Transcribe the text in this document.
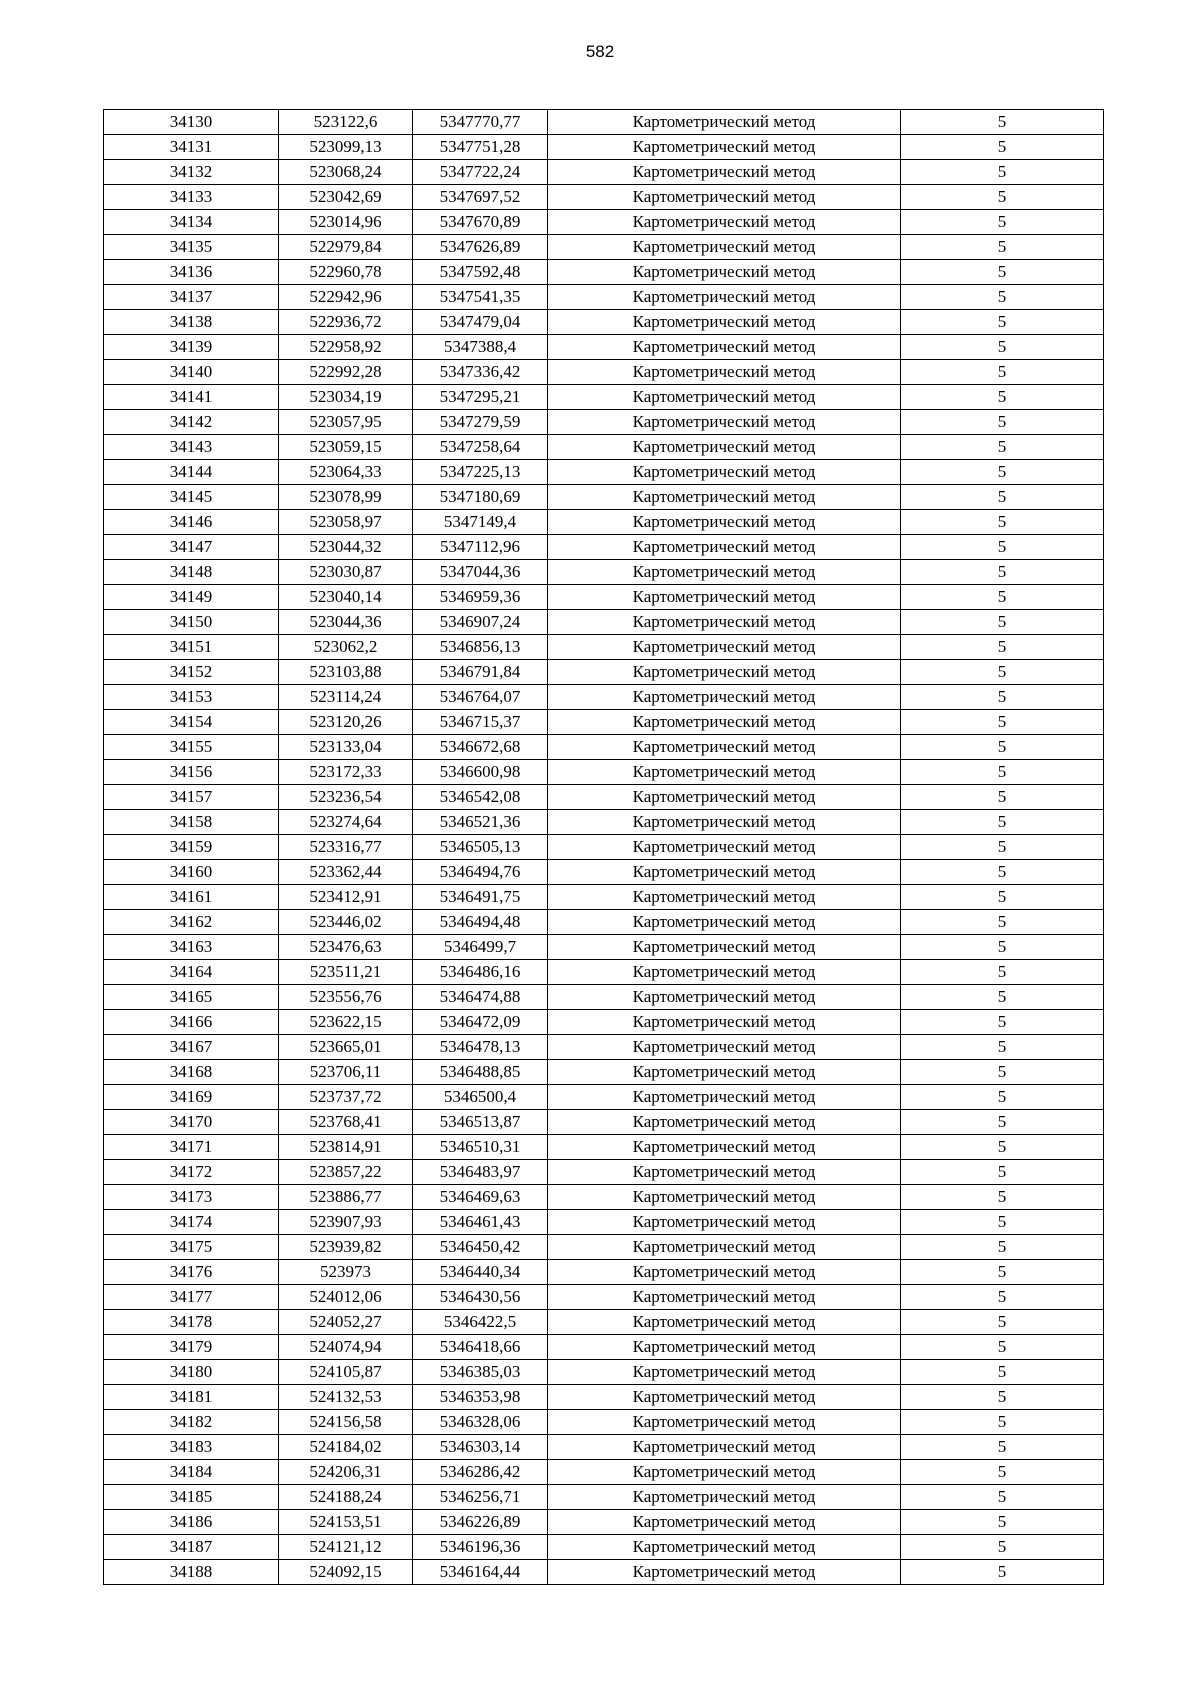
582
34130	523122,6	5347770,77	Картометрический метод	5
34131	523099,13	5347751,28	Картометрический метод	5
34132	523068,24	5347722,24	Картометрический метод	5
34133	523042,69	5347697,52	Картометрический метод	5
34134	523014,96	5347670,89	Картометрический метод	5
34135	522979,84	5347626,89	Картометрический метод	5
34136	522960,78	5347592,48	Картометрический метод	5
34137	522942,96	5347541,35	Картометрический метод	5
34138	522936,72	5347479,04	Картометрический метод	5
34139	522958,92	5347388,4	Картометрический метод	5
34140	522992,28	5347336,42	Картометрический метод	5
34141	523034,19	5347295,21	Картометрический метод	5
34142	523057,95	5347279,59	Картометрический метод	5
34143	523059,15	5347258,64	Картометрический метод	5
34144	523064,33	5347225,13	Картометрический метод	5
34145	523078,99	5347180,69	Картометрический метод	5
34146	523058,97	5347149,4	Картометрический метод	5
34147	523044,32	5347112,96	Картометрический метод	5
34148	523030,87	5347044,36	Картометрический метод	5
34149	523040,14	5346959,36	Картометрический метод	5
34150	523044,36	5346907,24	Картометрический метод	5
34151	523062,2	5346856,13	Картометрический метод	5
34152	523103,88	5346791,84	Картометрический метод	5
34153	523114,24	5346764,07	Картометрический метод	5
34154	523120,26	5346715,37	Картометрический метод	5
34155	523133,04	5346672,68	Картометрический метод	5
34156	523172,33	5346600,98	Картометрический метод	5
34157	523236,54	5346542,08	Картометрический метод	5
34158	523274,64	5346521,36	Картометрический метод	5
34159	523316,77	5346505,13	Картометрический метод	5
34160	523362,44	5346494,76	Картометрический метод	5
34161	523412,91	5346491,75	Картометрический метод	5
34162	523446,02	5346494,48	Картометрический метод	5
34163	523476,63	5346499,7	Картометрический метод	5
34164	523511,21	5346486,16	Картометрический метод	5
34165	523556,76	5346474,88	Картометрический метод	5
34166	523622,15	5346472,09	Картометрический метод	5
34167	523665,01	5346478,13	Картометрический метод	5
34168	523706,11	5346488,85	Картометрический метод	5
34169	523737,72	5346500,4	Картометрический метод	5
34170	523768,41	5346513,87	Картометрический метод	5
34171	523814,91	5346510,31	Картометрический метод	5
34172	523857,22	5346483,97	Картометрический метод	5
34173	523886,77	5346469,63	Картометрический метод	5
34174	523907,93	5346461,43	Картометрический метод	5
34175	523939,82	5346450,42	Картометрический метод	5
34176	523973	5346440,34	Картометрический метод	5
34177	524012,06	5346430,56	Картометрический метод	5
34178	524052,27	5346422,5	Картометрический метод	5
34179	524074,94	5346418,66	Картометрический метод	5
34180	524105,87	5346385,03	Картометрический метод	5
34181	524132,53	5346353,98	Картометрический метод	5
34182	524156,58	5346328,06	Картометрический метод	5
34183	524184,02	5346303,14	Картометрический метод	5
34184	524206,31	5346286,42	Картометрический метод	5
34185	524188,24	5346256,71	Картометрический метод	5
34186	524153,51	5346226,89	Картометрический метод	5
34187	524121,12	5346196,36	Картометрический метод	5
34188	524092,15	5346164,44	Картометрический метод	5
